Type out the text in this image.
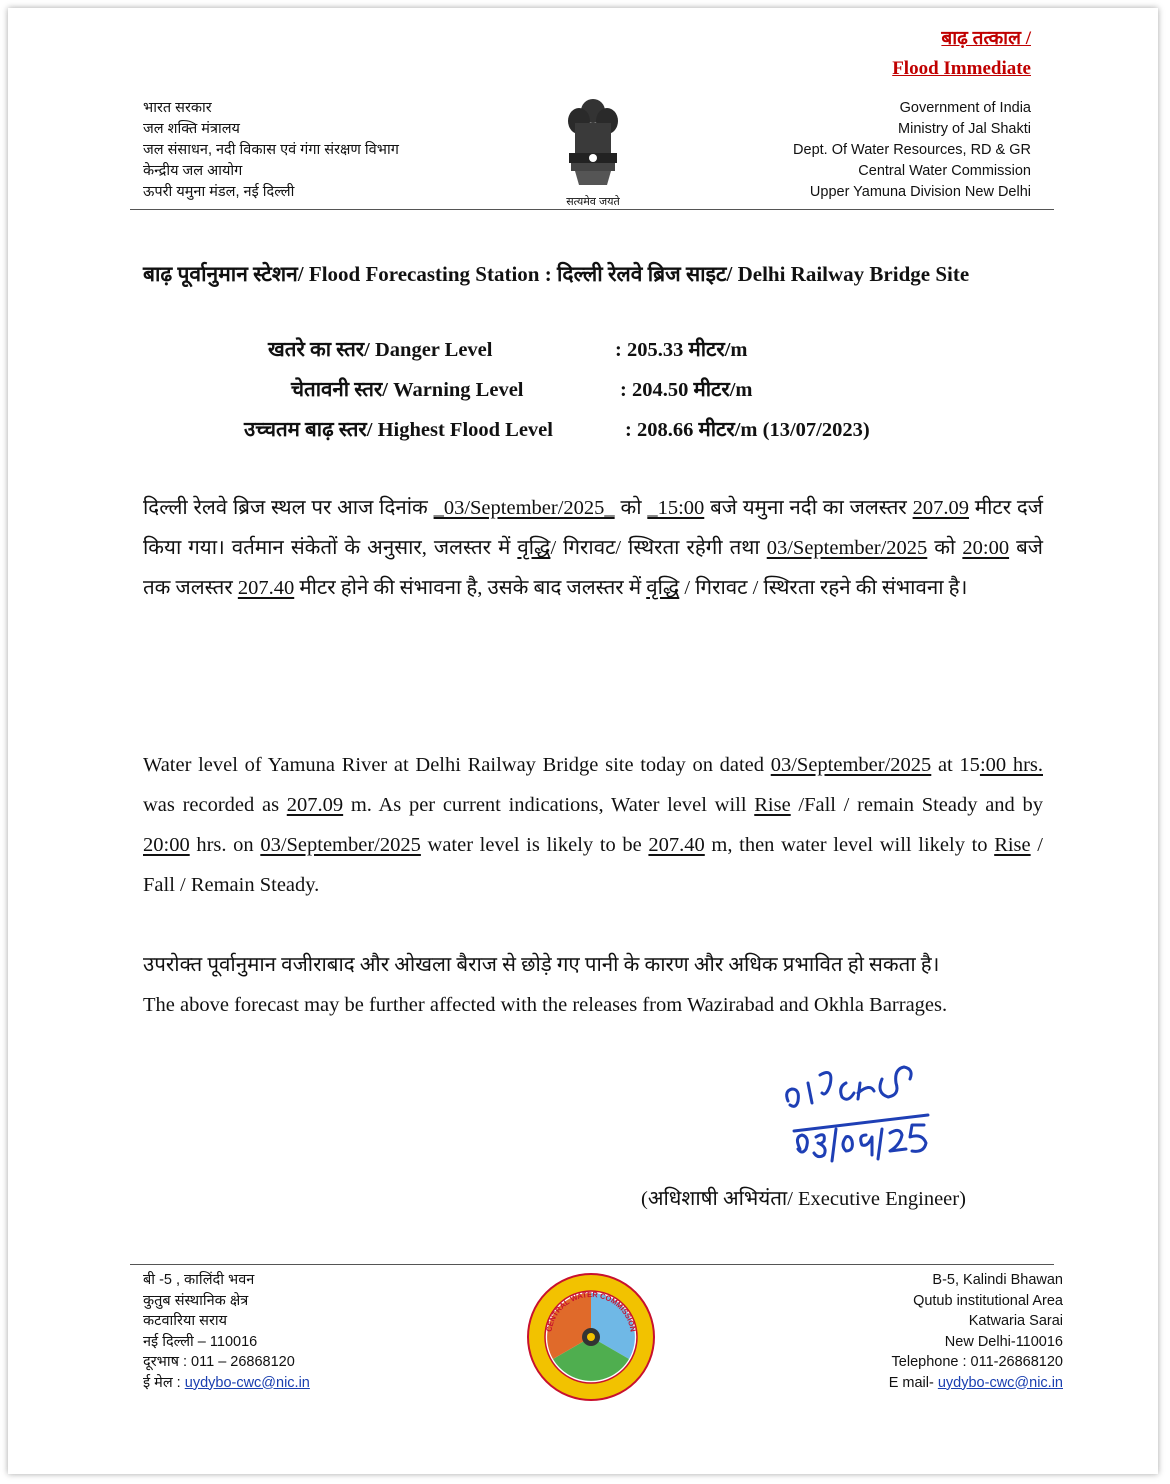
बाढ़ तत्काल /
Flood Immediate
भारत सरकार
जल शक्ति मंत्रालय
जल संसाधन, नदी विकास एवं गंगा संरक्षण विभाग
केन्द्रीय जल आयोग
ऊपरी यमुना मंडल, नई दिल्ली
सत्यमेव जयते
Government of India
Ministry of Jal Shakti
Dept. Of Water Resources, RD & GR
Central Water Commission
Upper Yamuna Division New Delhi
बाढ़ पूर्वानुमान स्टेशन/ Flood Forecasting Station : दिल्ली रेलवे ब्रिज साइट/ Delhi Railway Bridge Site
खतरे का स्तर/ Danger Level	: 205.33 मीटर/m
चेतावनी स्तर/ Warning Level	: 204.50 मीटर/m
उच्चतम बाढ़ स्तर/ Highest Flood Level	: 208.66 मीटर/m (13/07/2023)
दिल्ली रेलवे ब्रिज स्थल पर आज दिनांक _03/September/2025_ को _15:00 बजे यमुना नदी का जलस्तर 207.09 मीटर दर्ज किया गया। वर्तमान संकेतों के अनुसार, जलस्तर में वृद्धि/ गिरावट/ स्थिरता रहेगी तथा 03/September/2025 को 20:00 बजे तक जलस्तर 207.40 मीटर होने की संभावना है, उसके बाद जलस्तर में वृद्धि / गिरावट / स्थिरता रहने की संभावना है।
Water level of Yamuna River at Delhi Railway Bridge site today on dated 03/September/2025 at 15:00 hrs. was recorded as 207.09 m. As per current indications, Water level will Rise /Fall / remain Steady and by 20:00 hrs. on 03/September/2025 water level is likely to be 207.40 m, then water level will likely to Rise / Fall / Remain Steady.
उपरोक्त पूर्वानुमान वजीराबाद और ओखला बैराज से छोड़े गए पानी के कारण और अधिक प्रभावित हो सकता है।
The above forecast may be further affected with the releases from Wazirabad and Okhla Barrages.
(अधिशाषी अभियंता/ Executive Engineer)
बी -5 , कालिंदी भवन
कुतुब संस्थानिक क्षेत्र
कटवारिया सराय
नई दिल्ली – 110016
दूरभाष : 011 – 26868120
ई मेल : uydybo-cwc@nic.in
CENTRAL WATER COMMISSION
B-5, Kalindi Bhawan
Qutub institutional Area
Katwaria Sarai
New Delhi-110016
Telephone : 011-26868120
E mail- uydybo-cwc@nic.in
